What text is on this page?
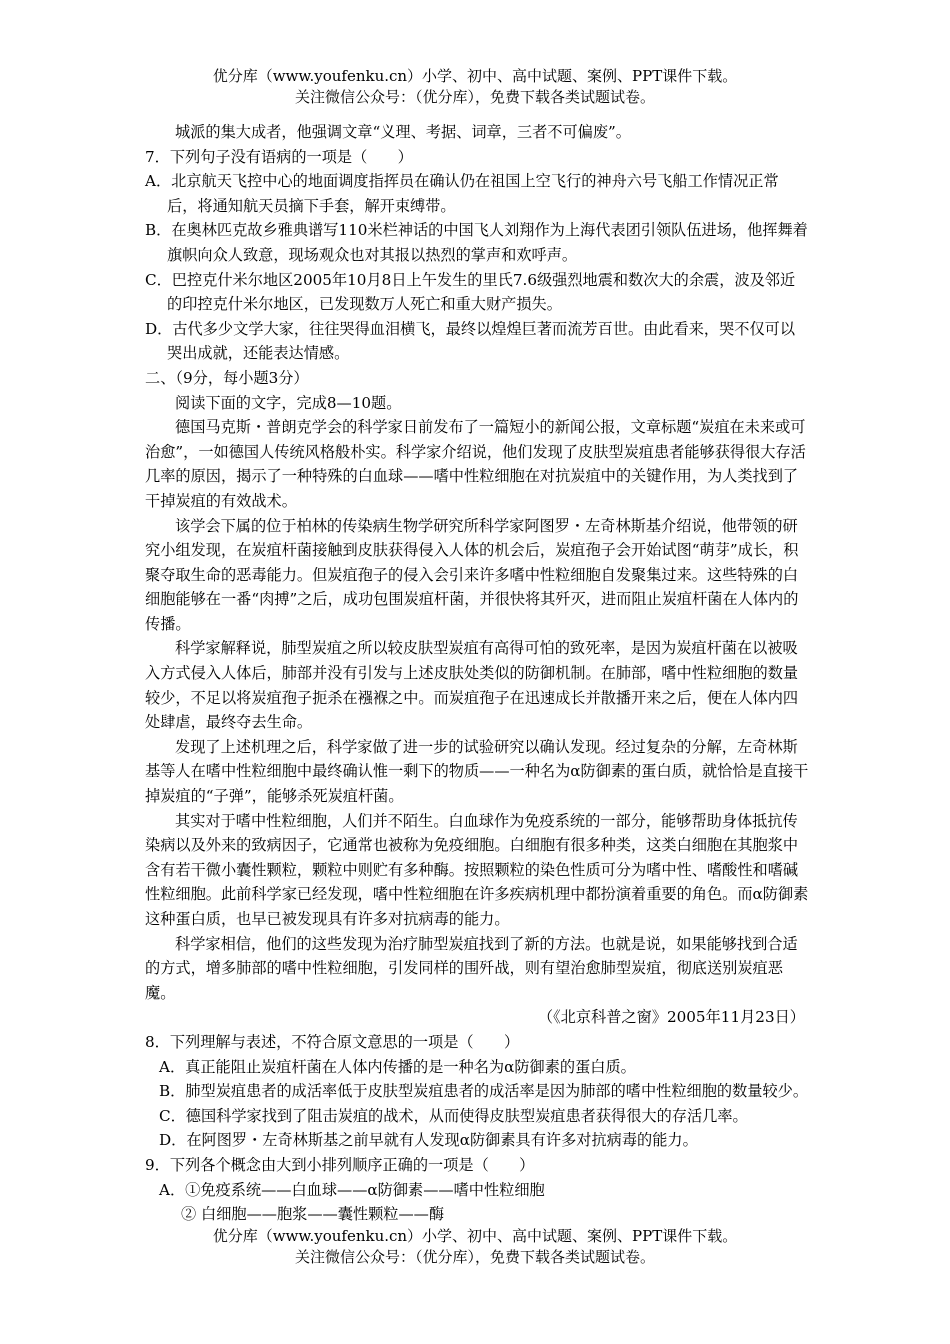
优分库（www.youfenku.cn）小学、初中、高中试题、案例、PPT课件下载。
关注微信公众号：（优分库），免费下载各类试题试卷。

城派的集大成者，他强调文章“义理、考据、词章，三者不可偏废”。

7．下列句子没有语病的一项是（　　）

A．北京航天飞控中心的地面调度指挥员在确认仍在祖国上空飞行的神舟六号飞船工作情况正常后，将通知航天员摘下手套，解开束缚带。

B．在奥林匹克故乡雅典谱写110米栏神话的中国飞人刘翔作为上海代表团引领队伍进场，他挥舞着旗帜向众人致意，现场观众也对其报以热烈的掌声和欢呼声。

C．巴控克什米尔地区2005年10月8日上午发生的里氏7.6级强烈地震和数次大的余震，波及邻近的印控克什米尔地区，已发现数万人死亡和重大财产损失。

D．古代多少文学大家，往往哭得血泪横飞，最终以煌煌巨著而流芳百世。由此看来，哭不仅可以哭出成就，还能表达情感。

二、（9分，每小题3分）

阅读下面的文字，完成8—10题。

德国马克斯・普朗克学会的科学家日前发布了一篇短小的新闻公报，文章标题“炭疽在未来或可治愈”，一如德国人传统风格般朴实。科学家介绍说，他们发现了皮肤型炭疽患者能够获得很大存活几率的原因，揭示了一种特殊的白血球——嗜中性粒细胞在对抗炭疽中的关键作用，为人类找到了干掉炭疽的有效战术。

该学会下属的位于柏林的传染病生物学研究所科学家阿图罗・左奇林斯基介绍说，他带领的研究小组发现，在炭疽杆菌接触到皮肤获得侵入人体的机会后，炭疽孢子会开始试图“萌芽”成长，积聚夺取生命的恶毒能力。但炭疽孢子的侵入会引来许多嗜中性粒细胞自发聚集过来。这些特殊的白细胞能够在一番“肉搏”之后，成功包围炭疽杆菌，并很快将其歼灭，进而阻止炭疽杆菌在人体内的传播。

科学家解释说，肺型炭疽之所以较皮肤型炭疽有高得可怕的致死率，是因为炭疽杆菌在以被吸入方式侵入人体后，肺部并没有引发与上述皮肤处类似的防御机制。在肺部，嗜中性粒细胞的数量较少，不足以将炭疽孢子扼杀在襁褓之中。而炭疽孢子在迅速成长并散播开来之后，便在人体内四处肆虐，最终夺去生命。

发现了上述机理之后，科学家做了进一步的试验研究以确认发现。经过复杂的分解，左奇林斯基等人在嗜中性粒细胞中最终确认惟一剩下的物质——一种名为α防御素的蛋白质，就恰恰是直接干掉炭疽的“子弹”，能够杀死炭疽杆菌。

其实对于嗜中性粒细胞，人们并不陌生。白血球作为免疫系统的一部分，能够帮助身体抵抗传染病以及外来的致病因子，它通常也被称为免疫细胞。白细胞有很多种类，这类白细胞在其胞浆中含有若干微小囊性颗粒，颗粒中则贮有多种酶。按照颗粒的染色性质可分为嗜中性、嗜酸性和嗜碱性粒细胞。此前科学家已经发现，嗜中性粒细胞在许多疾病机理中都扮演着重要的角色。而α防御素这种蛋白质，也早已被发现具有许多对抗病毒的能力。

科学家相信，他们的这些发现为治疗肺型炭疽找到了新的方法。也就是说，如果能够找到合适的方式，增多肺部的嗜中性粒细胞，引发同样的围歼战，则有望治愈肺型炭疽，彻底送别炭疽恶魔。

（《北京科普之窗》2005年11月23日）

8．下列理解与表述，不符合原文意思的一项是（　　）

A．真正能阻止炭疽杆菌在人体内传播的是一种名为α防御素的蛋白质。

B．肺型炭疽患者的成活率低于皮肤型炭疽患者的成活率是因为肺部的嗜中性粒细胞的数量较少。

C．德国科学家找到了阻击炭疽的战术，从而使得皮肤型炭疽患者获得很大的存活几率。

D．在阿图罗・左奇林斯基之前早就有人发现α防御素具有许多对抗病毒的能力。

9．下列各个概念由大到小排列顺序正确的一项是（　　）

A．①免疫系统——白血球——α防御素——嗜中性粒细胞

② 白细胞——胞浆——囊性颗粒——酶

优分库（www.youfenku.cn）小学、初中、高中试题、案例、PPT课件下载。
关注微信公众号：（优分库），免费下载各类试题试卷。
